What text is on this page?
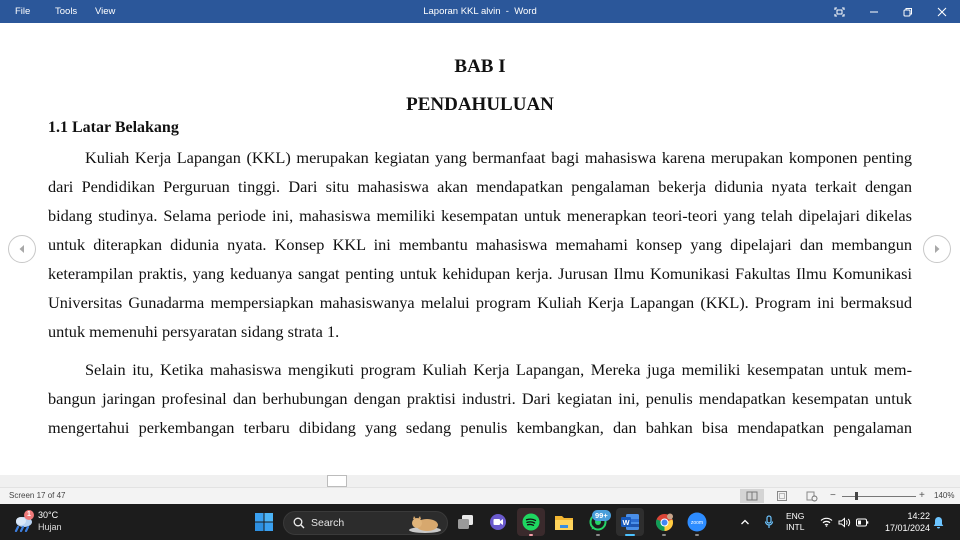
File	Tools View	Laporan KKL alvin  -  Word
BAB I
PENDAHULUAN
1.1 Latar Belakang
Kuliah Kerja Lapangan (KKL) merupakan kegiatan yang bermanfaat bagi mahasiswa karena merupakan komponen penting
dari Pendidikan Perguruan tinggi. Dari situ mahasiswa akan mendapatkan pengalaman bekerja didunia nyata terkait dengan
bidang studinya. Selama periode ini, mahasiswa memiliki kesempatan untuk menerapkan teori-teori yang telah dipelajari dikelas
untuk diterapkan didunia nyata. Konsep KKL ini membantu mahasiswa memahami konsep yang dipelajari dan membangun
keterampilan praktis, yang keduanya sangat penting untuk kehidupan kerja. Jurusan Ilmu Komunikasi Fakultas Ilmu Komunikasi
Universitas Gunadarma mempersiapkan mahasiswanya melalui program Kuliah Kerja Lapangan (KKL). Program ini bermaksud
untuk memenuhi persyaratan sidang strata 1.
Selain itu, Ketika mahasiswa mengikuti program Kuliah Kerja Lapangan, Mereka juga memiliki kesempatan untuk mem-
bangun jaringan profesinal dan berhubungan dengan praktisi industri. Dari kegiatan ini, penulis mendapatkan kesempatan untuk
mengertahui perkembangan terbaru dibidang yang sedang penulis kembangkan, dan bahkan bisa mendapatkan pengalaman
Screen 17 of 47	−	+ 140%
1 30°C
Hujan	Search
99+
W	zoom
ENG
INTL
14:22
17/01/2024
